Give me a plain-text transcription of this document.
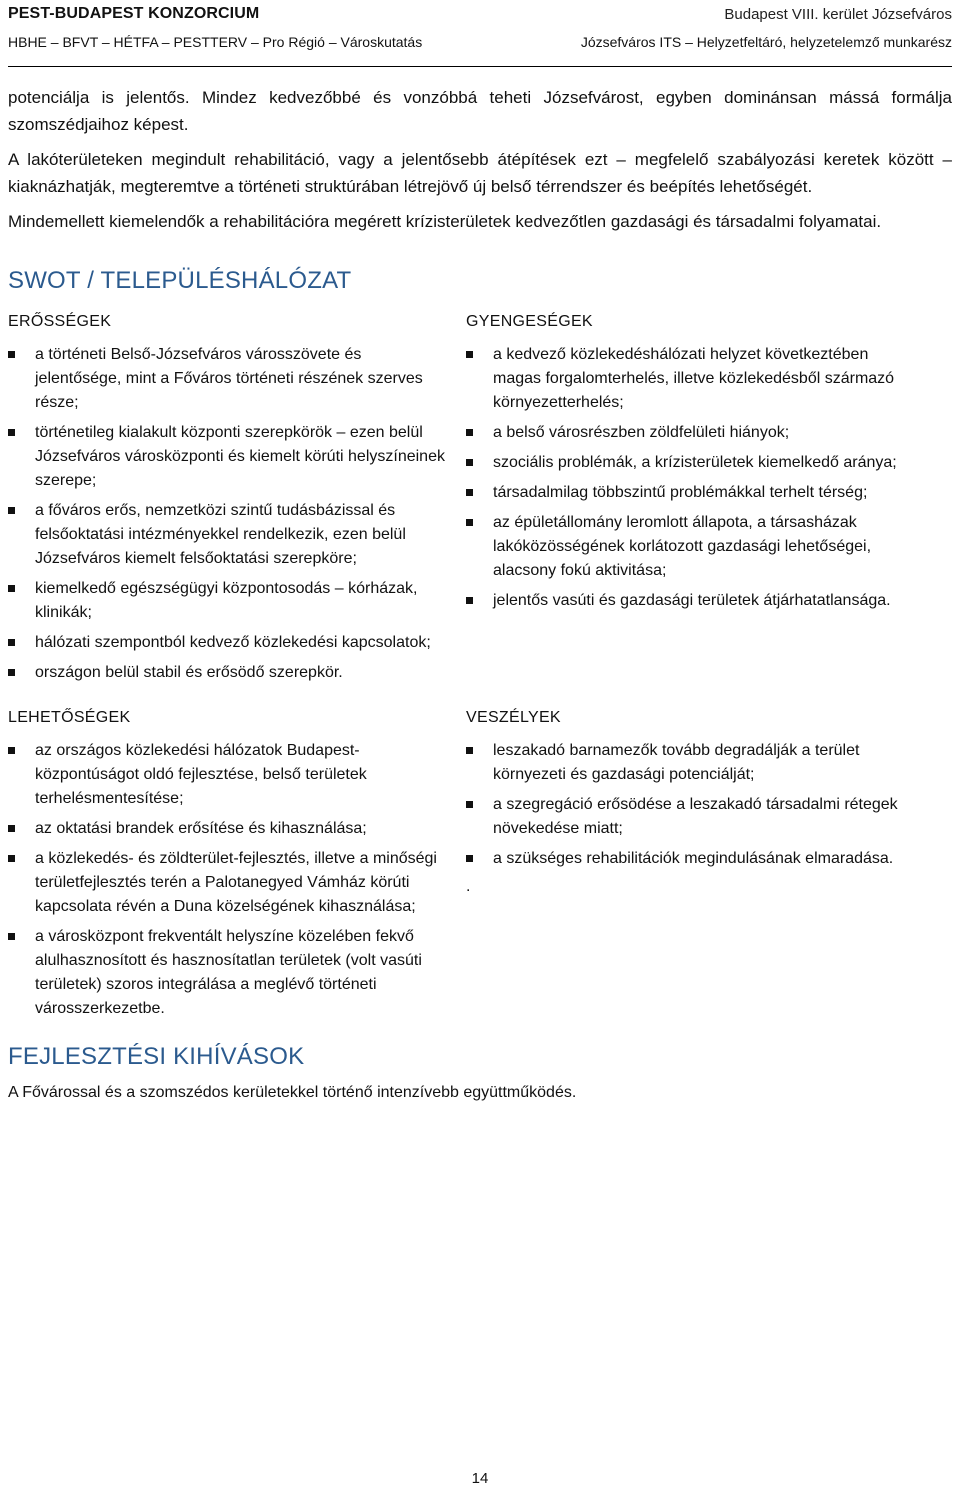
PEST-BUDAPEST KONZORCIUM	Budapest VIII. kerület Józsefváros
HBHE – BFVT – HÉTFA – PESTTERV – Pro Régió – Városkutatás	Józsefváros ITS – Helyzetfeltáró, helyzetelemző munkarész

potenciálja is jelentős. Mindez kedvezőbbé és vonzóbbá teheti Józsefvárost, egyben dominánsan mássá formálja szomszédjaihoz képest.

A lakóterületeken megindult rehabilitáció, vagy a jelentősebb átépítések ezt – megfelelő szabályozási keretek között – kiaknázhatják, megteremtve a történeti struktúrában létrejövő új belső térrendszer és beépítés lehetőségét.

Mindemellett kiemelendők a rehabilitációra megérett krízisterületek kedvezőtlen gazdasági és társadalmi folyamatai.

SWOT / TELEPÜLÉSHÁLÓZAT
ERŐSSÉGEK
a történeti Belső-Józsefváros városszövete és jelentősége, mint a Főváros történeti részének szerves része;
történetileg kialakult központi szerepkörök – ezen belül Józsefváros városközponti és kiemelt körúti helyszíneinek szerepe;
a főváros erős, nemzetközi szintű tudásbázissal és felsőoktatási intézményekkel rendelkezik, ezen belül Józsefváros kiemelt felsőoktatási szerepköre;
kiemelkedő egészségügyi központosodás – kórházak, klinikák;
hálózati szempontból kedvező közlekedési kapcsolatok;
országon belül stabil és erősödő szerepkör.
GYENGESÉGEK
a kedvező közlekedéshálózati helyzet következtében magas forgalomterhelés, illetve közlekedésből származó környezetterhelés;
a belső városrészben zöldfelületi hiányok;
szociális problémák, a krízisterületek kiemelkedő aránya;
társadalmilag többszintű problémákkal terhelt térség;
az épületállomány leromlott állapota, a társasházak lakóközösségének korlátozott gazdasági lehetőségei, alacsony fokú aktivitása;
jelentős vasúti és gazdasági területek átjárhatatlansága.
LEHETŐSÉGEK
az országos közlekedési hálózatok Budapest-központúságot oldó fejlesztése, belső területek terhelésmentesítése;
az oktatási brandek erősítése és kihasználása;
a közlekedés- és zöldterület-fejlesztés, illetve a minőségi területfejlesztés terén a Palotanegyed Vámház körúti kapcsolata révén a Duna közelségének kihasználása;
a városközpont frekventált helyszíne közelében fekvő alulhasznosított és hasznosítatlan területek (volt vasúti területek) szoros integrálása a meglévő történeti városszerkezetbe.
VESZÉLYEK
leszakadó barnamezők tovább degradálják a terület környezeti és gazdasági potenciálját;
a szegregáció erősödése a leszakadó társadalmi rétegek növekedése miatt;
a szükséges rehabilitációk megindulásának elmaradása.
.
FEJLESZTÉSI KIHÍVÁSOK
A Fővárossal és a szomszédos kerületekkel történő intenzívebb együttműködés.
14
